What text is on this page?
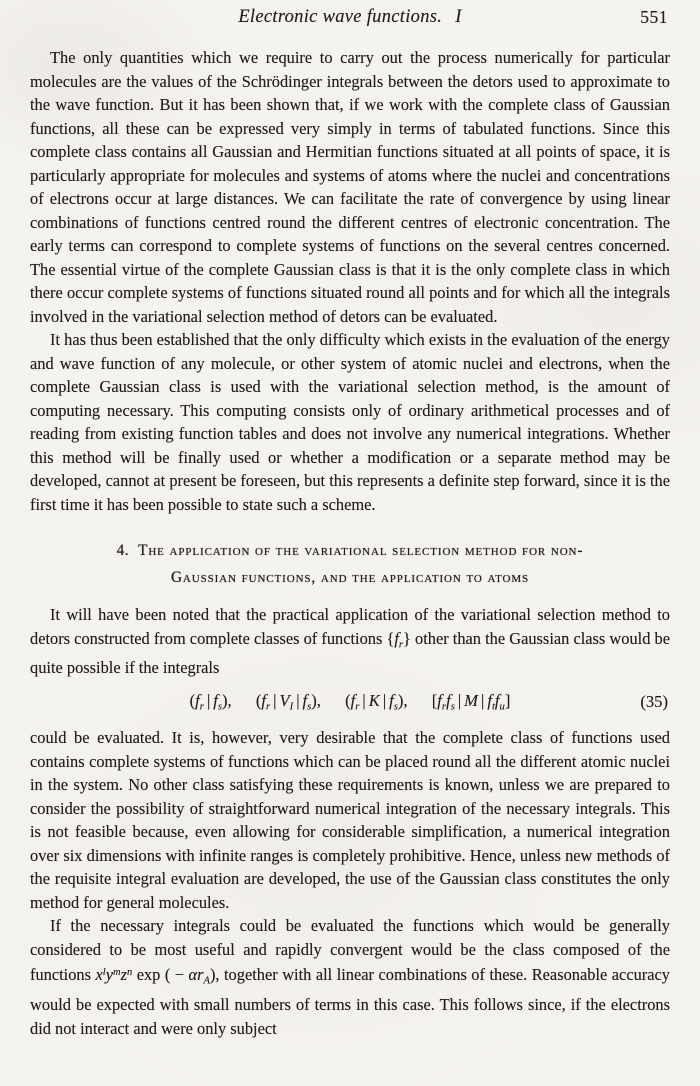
Electronic wave functions. I	551

The only quantities which we require to carry out the process numerically for particular molecules are the values of the Schrödinger integrals between the detors used to approximate to the wave function. But it has been shown that, if we work with the complete class of Gaussian functions, all these can be expressed very simply in terms of tabulated functions. Since this complete class contains all Gaussian and Hermitian functions situated at all points of space, it is particularly appropriate for molecules and systems of atoms where the nuclei and concentrations of electrons occur at large distances. We can facilitate the rate of convergence by using linear combinations of functions centred round the different centres of electronic concentration. The early terms can correspond to complete systems of functions on the several centres concerned. The essential virtue of the complete Gaussian class is that it is the only complete class in which there occur complete systems of functions situated round all points and for which all the integrals involved in the variational selection method of detors can be evaluated.

It has thus been established that the only difficulty which exists in the evaluation of the energy and wave function of any molecule, or other system of atomic nuclei and electrons, when the complete Gaussian class is used with the variational selection method, is the amount of computing necessary. This computing consists only of ordinary arithmetical processes and of reading from existing function tables and does not involve any numerical integrations. Whether this method will be finally used or whether a modification or a separate method may be developed, cannot at present be foreseen, but this represents a definite step forward, since it is the first time it has been possible to state such a scheme.

4. The application of the variational selection method for non-
Gaussian functions, and the application to atoms

It will have been noted that the practical application of the variational selection method to detors constructed from complete classes of functions $\{f_r\}$ other than the Gaussian class would be quite possible if the integrals

($f_r$ | $f_s$), ($f_r$ | $V_I$ | $f_s$), ($f_r$ | K | $f_s$), [$f_rf_s$ | M | $f_tf_u$]	(35)

could be evaluated. It is, however, very desirable that the complete class of functions used contains complete systems of functions which can be placed round all the different atomic nuclei in the system. No other class satisfying these requirements is known, unless we are prepared to consider the possibility of straightforward numerical integration of the necessary integrals. This is not feasible because, even allowing for considerable simplification, a numerical integration over six dimensions with infinite ranges is completely prohibitive. Hence, unless new methods of the requisite integral evaluation are developed, the use of the Gaussian class constitutes the only method for general molecules.

If the necessary integrals could be evaluated the functions which would be generally considered to be most useful and rapidly convergent would be the class composed of the functions $x^ly^mz^n$ exp ( − $\alpha r_A$), together with all linear combinations of these. Reasonable accuracy would be expected with small numbers of terms in this case. This follows since, if the electrons did not interact and were only subject
